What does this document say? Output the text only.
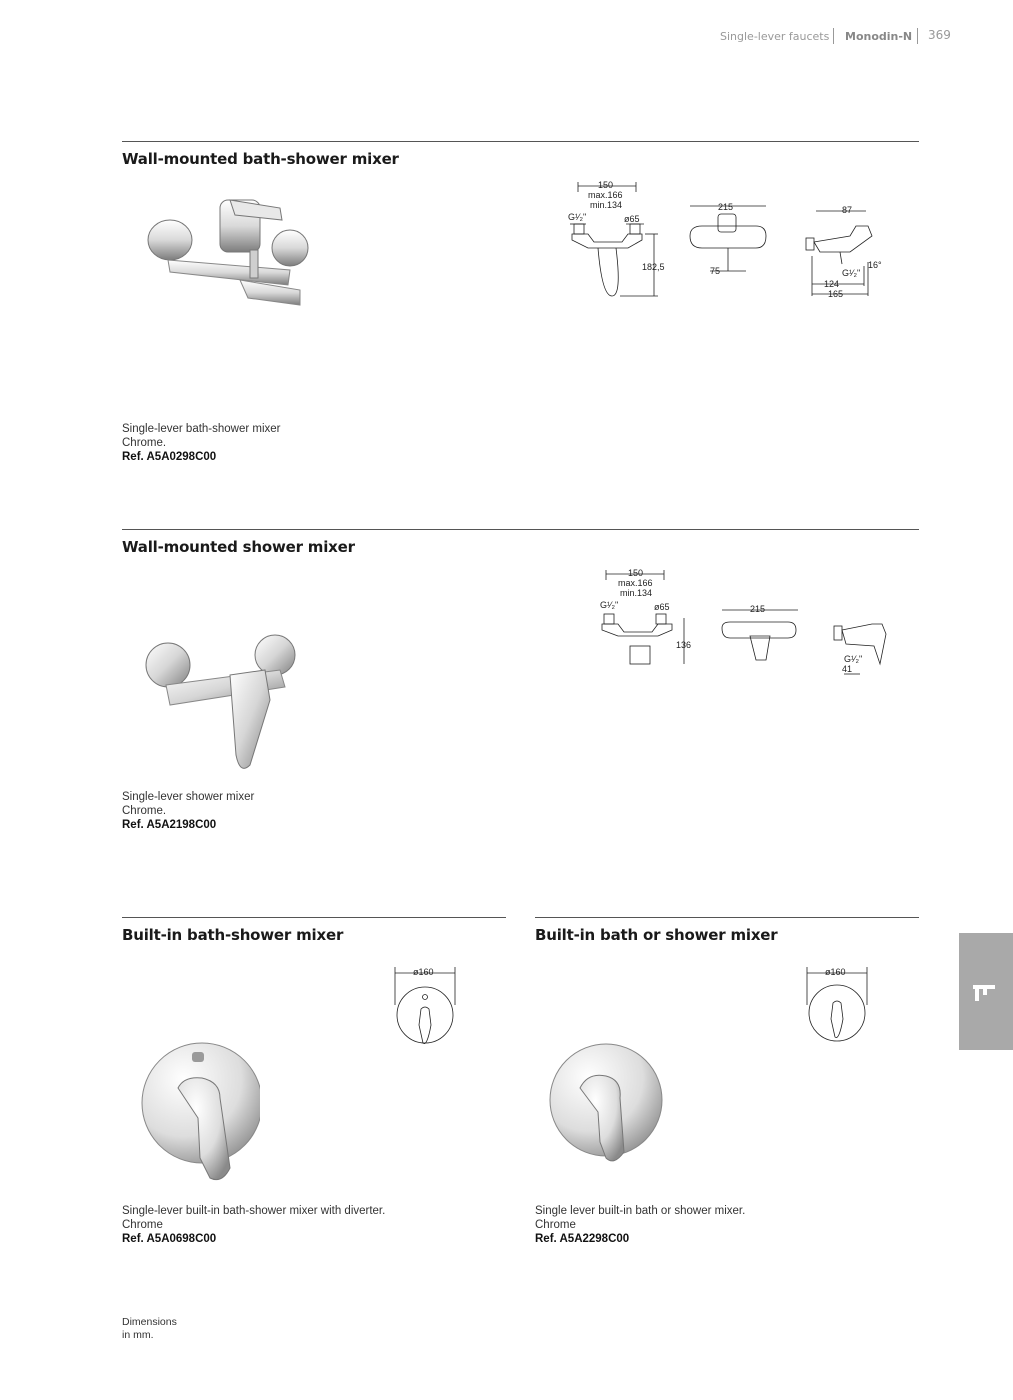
Single-lever faucets Monodin-N 369
Wall-mounted bath-shower mixer
150
max.166
min.134
G¹⁄₂"	ø65
182,5
215
75
87
16°
G¹⁄₂"
124
165
Single-lever bath-shower mixer
Chrome.
Ref. A5A0298C00
Wall-mounted shower mixer
150
max.166
min.134
G¹⁄₂"	ø65
136
215
G¹⁄₂"
41
Single-lever shower mixer
Chrome.
Ref. A5A2198C00
Built-in bath-shower mixer
ø160
Single-lever built-in bath-shower mixer with diverter.
Chrome
Ref. A5A0698C00
Built-in bath or shower mixer
ø160
Single lever built-in bath or shower mixer.
Chrome
Ref. A5A2298C00
Dimensions
in mm.
